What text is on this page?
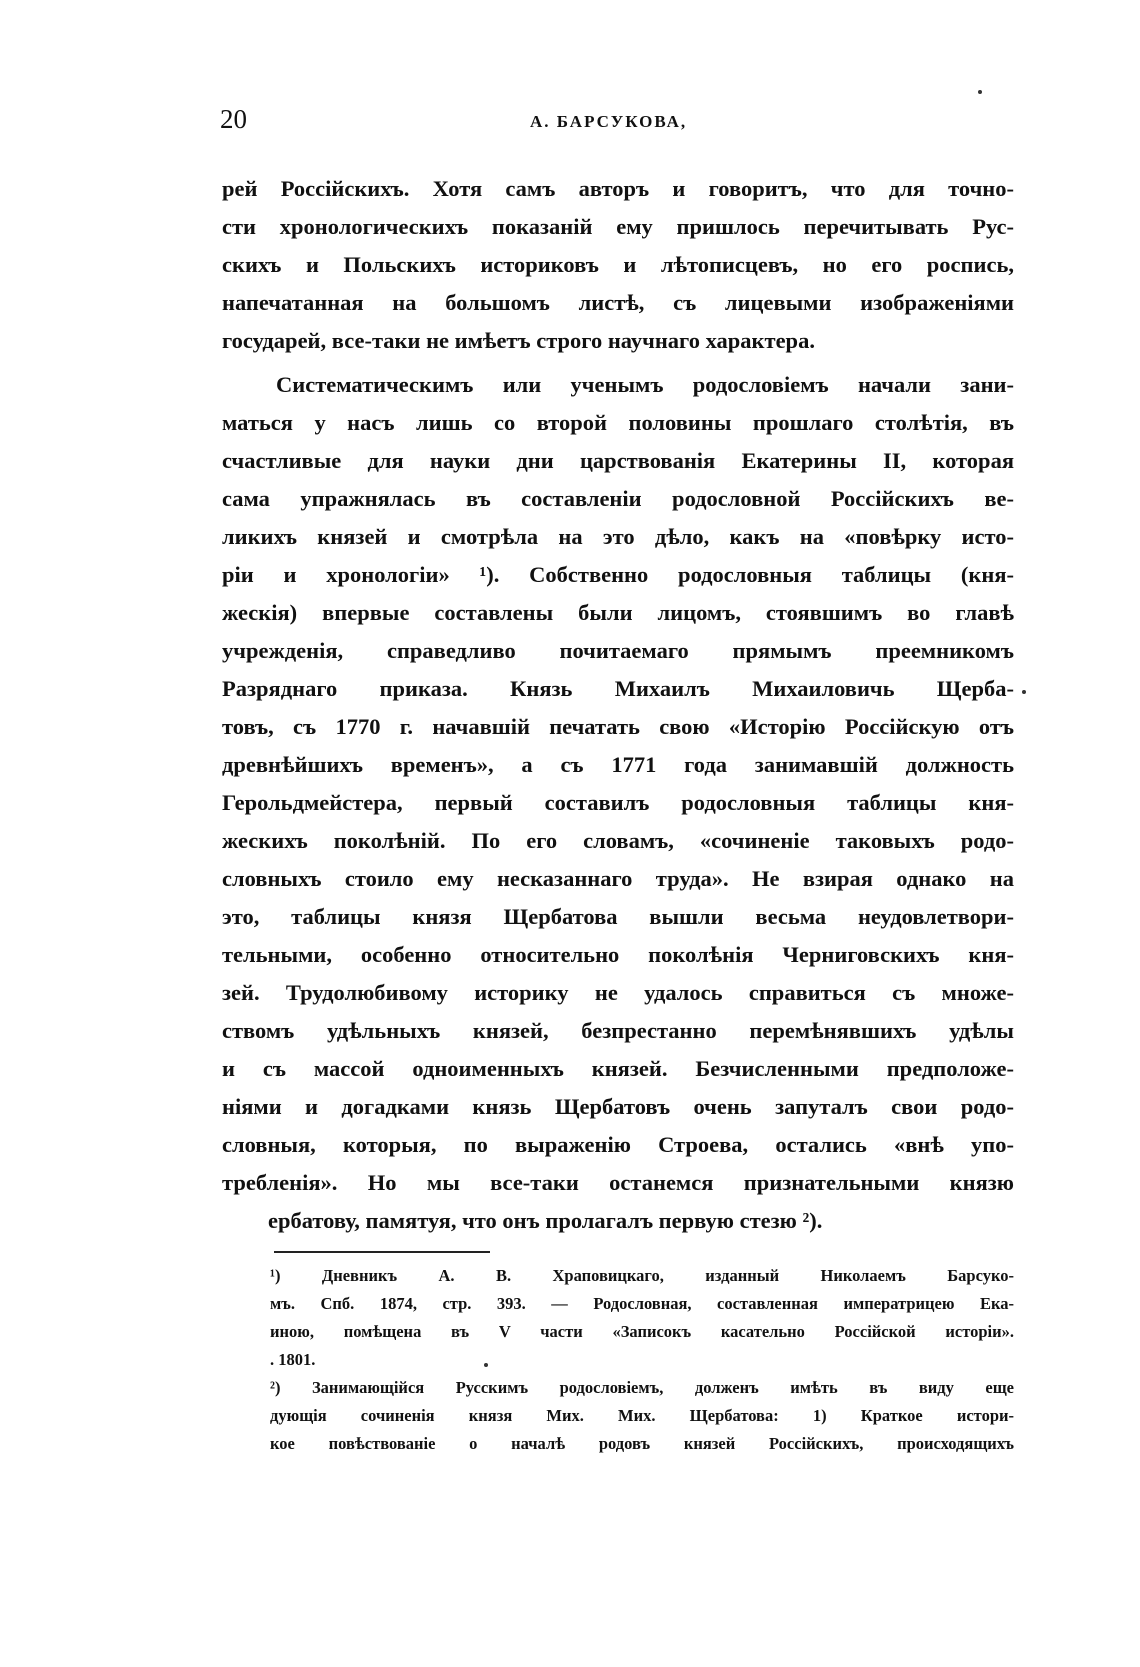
20	А. БАРСУКОВА,
рей Россійскихъ. Хотя самъ авторъ и говоритъ, что для точно-
сти хронологическихъ показаній ему пришлось перечитывать Рус-
скихъ и Польскихъ историковъ и лѣтописцевъ, но его роспись,
напечатанная на большомъ листѣ, съ лицевыми изображеніями
государей, все-таки не имѣетъ строго научнаго характера.
Систематическимъ или ученымъ родословіемъ начали зани-
маться у насъ лишь со второй половины прошлаго столѣтія, въ
счастливые для науки дни царствованія Екатерины II, которая
сама упражнялась въ составленіи родословной Россійскихъ ве-
ликихъ князей и смотрѣла на это дѣло, какъ на «повѣрку исто-
ріи и хронологіи» ¹). Собственно родословныя таблицы (кня-
жескія) впервые составлены были лицомъ, стоявшимъ во главѣ
учрежденія, справедливо почитаемаго прямымъ преемникомъ
Разряднаго приказа. Князь Михаилъ Михаиловичь Щерба-
товъ, съ 1770 г. начавшій печатать свою «Исторію Россійскую отъ
древнѣйшихъ временъ», а съ 1771 года занимавшій должность
Герольдмейстера, первый составилъ родословныя таблицы кня-
жескихъ поколѣній. По его словамъ, «сочиненіе таковыхъ родо-
словныхъ стоило ему несказаннаго труда». Не взирая однако на
это, таблицы князя Щербатова вышли весьма неудовлетвори-
тельными, особенно относительно поколѣнія Черниговскихъ кня-
зей. Трудолюбивому историку не удалось справиться съ множе-
ствомъ удѣльныхъ князей, безпрестанно перемѣнявшихъ удѣлы
и съ массой одноименныхъ князей. Безчисленными предположе-
ніями и догадками князь Щербатовъ очень запуталъ свои родо-
словныя, которыя, по выраженію Строева, остались «внѣ упо-
требленія». Но мы все-таки останемся признательными князю
ербатову, памятуя, что онъ пролагалъ первую стезю ²).
¹) Дневникъ А. В. Храповицкаго, изданный Николаемъ Барсуко-
мъ. Спб. 1874, стр. 393. — Родословная, составленная императрицею Ека-
иною, помѣщена въ V части «Записокъ касательно Россійской исторіи».
. 1801.
²) Занимающійся Русскимъ родословіемъ, долженъ имѣть въ виду еще
дующія сочиненія князя Мих. Мих. Щербатова: 1) Краткое истори-
кое повѣствованіе о началѣ родовъ князей Россійскихъ, происходящихъ
